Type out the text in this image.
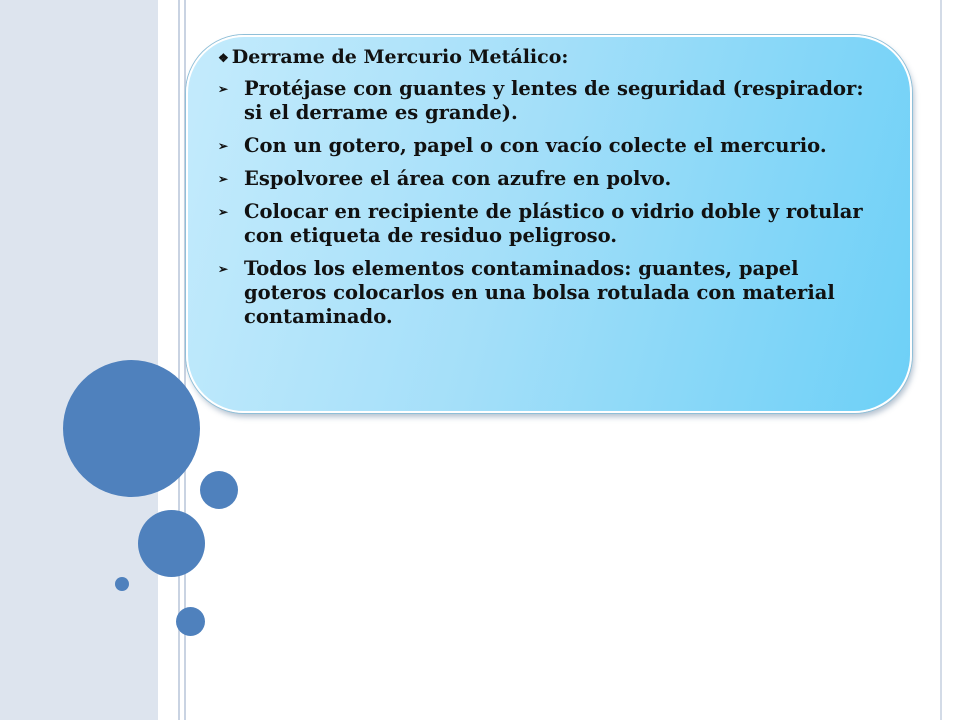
❖ Derrame de Mercurio Metálico:
➢ Protéjase con guantes y lentes de seguridad (respirador: si el derrame es grande).
➢ Con un gotero, papel o con vacío colecte el mercurio.
➢ Espolvoree el área con azufre en polvo.
➢ Colocar en recipiente de plástico o vidrio doble y rotular con etiqueta de residuo peligroso.
➢ Todos los elementos contaminados: guantes, papel goteros colocarlos en una bolsa rotulada con material contaminado.
